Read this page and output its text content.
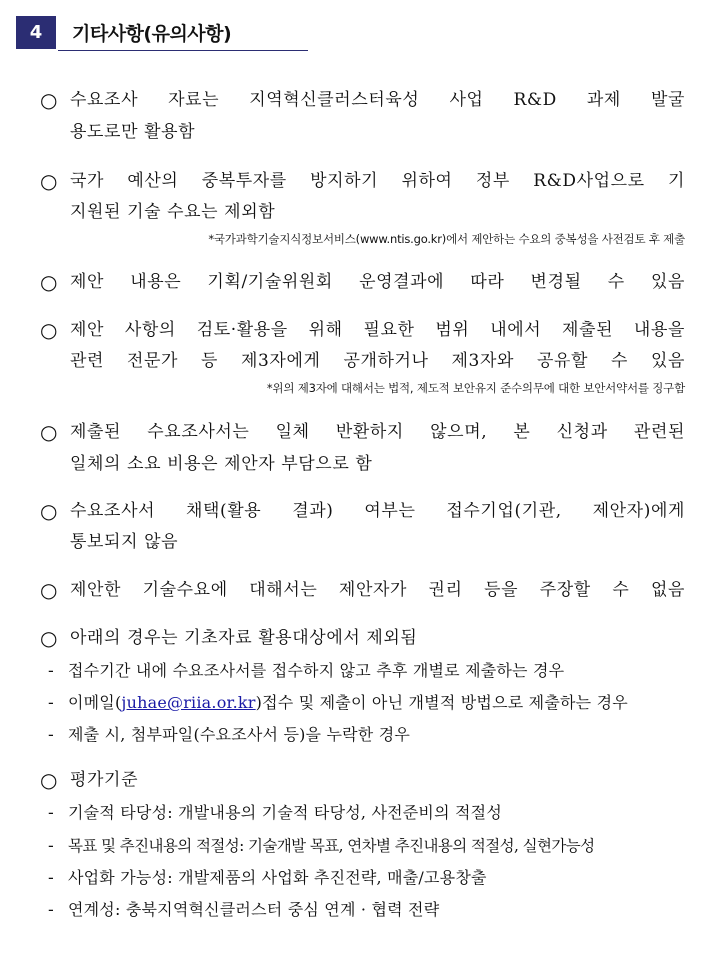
4	기타사항(유의사항)
○ 수요조사 자료는 지역혁신클러스터육성 사업 R&D 과제 발굴
용도로만 활용함
○ 국가 예산의 중복투자를 방지하기 위하여 정부 R&D사업으로 기
지원된 기술 수요는 제외함
*국가과학기술지식정보서비스(www.ntis.go.kr)에서 제안하는 수요의 중복성을 사전검토 후 제출
○ 제안 내용은 기획/기술위원회 운영결과에 따라 변경될 수 있음
○ 제안 사항의 검토·활용을 위해 필요한 범위 내에서 제출된 내용을
관련 전문가 등 제3자에게 공개하거나 제3자와 공유할 수 있음
*위의 제3자에 대해서는 법적, 제도적 보안유지 준수의무에 대한 보안서약서를 징구함
○ 제출된 수요조사서는 일체 반환하지 않으며, 본 신청과 관련된
일체의 소요 비용은 제안자 부담으로 함
○ 수요조사서 채택(활용 결과) 여부는 접수기업(기관, 제안자)에게
통보되지 않음
○ 제안한 기술수요에 대해서는 제안자가 권리 등을 주장할 수 없음
○ 아래의 경우는 기초자료 활용대상에서 제외됨
- 접수기간 내에 수요조사서를 접수하지 않고 추후 개별로 제출하는 경우
- 이메일(juhae@riia.or.kr)접수 및 제출이 아닌 개별적 방법으로 제출하는 경우
- 제출 시, 첨부파일(수요조사서 등)을 누락한 경우
○ 평가기준
- 기술적 타당성: 개발내용의 기술적 타당성, 사전준비의 적절성
- 목표 및 추진내용의 적절성: 기술개발 목표, 연차별 추진내용의 적절성, 실현가능성
- 사업화 가능성: 개발제품의 사업화 추진전략, 매출/고용창출
- 연계성: 충북지역혁신클러스터 중심 연계 · 협력 전략
